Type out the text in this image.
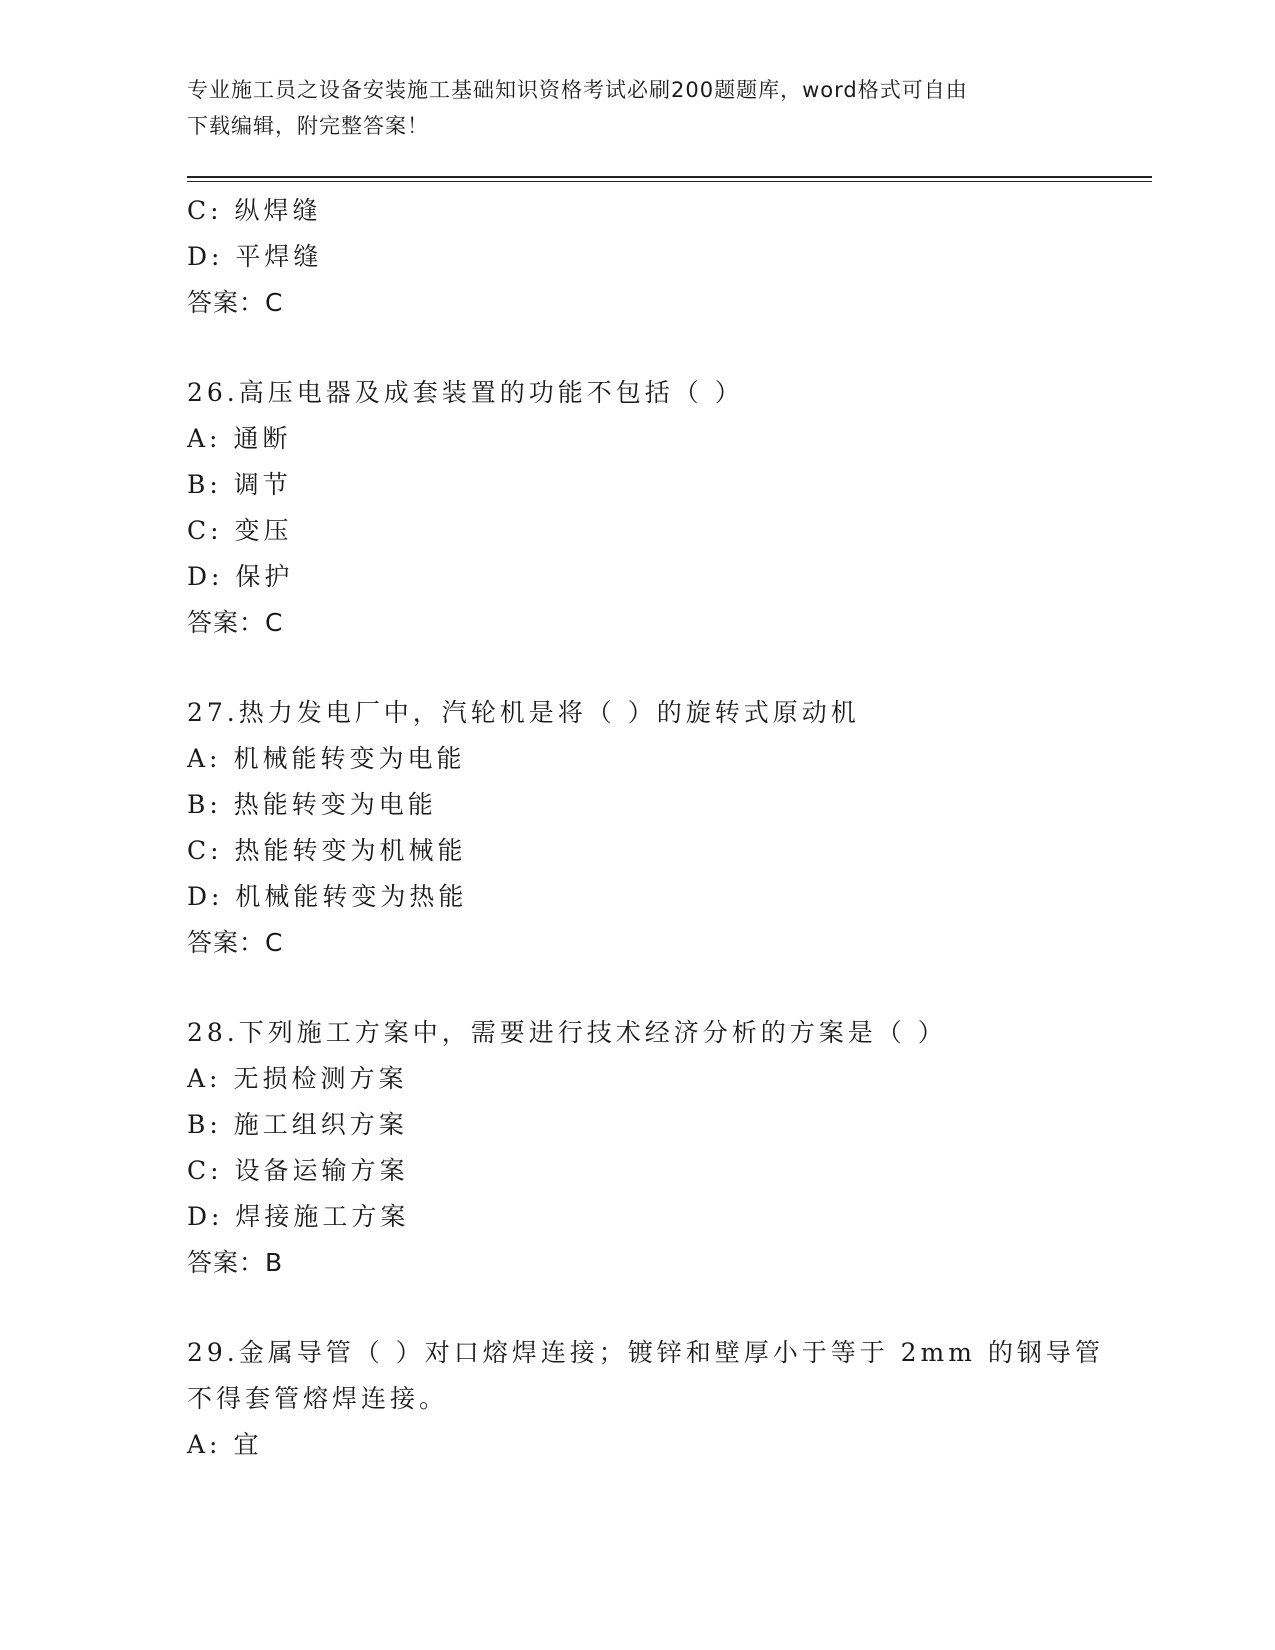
专业施工员之设备安装施工基础知识资格考试必刷200题题库，word格式可自由
下载编辑，附完整答案！
C: 纵焊缝
D: 平焊缝
答案：C
26.高压电器及成套装置的功能不包括（ ）
A: 通断
B: 调节
C: 变压
D: 保护
答案：C
27.热力发电厂中，汽轮机是将（ ）的旋转式原动机
A: 机械能转变为电能
B: 热能转变为电能
C: 热能转变为机械能
D: 机械能转变为热能
答案：C
28.下列施工方案中，需要进行技术经济分析的方案是（ ）
A: 无损检测方案
B: 施工组织方案
C: 设备运输方案
D: 焊接施工方案
答案：B
29.金属导管（ ）对口熔焊连接；镀锌和壁厚小于等于 2mm 的钢导管
不得套管熔焊连接。
A: 宜
